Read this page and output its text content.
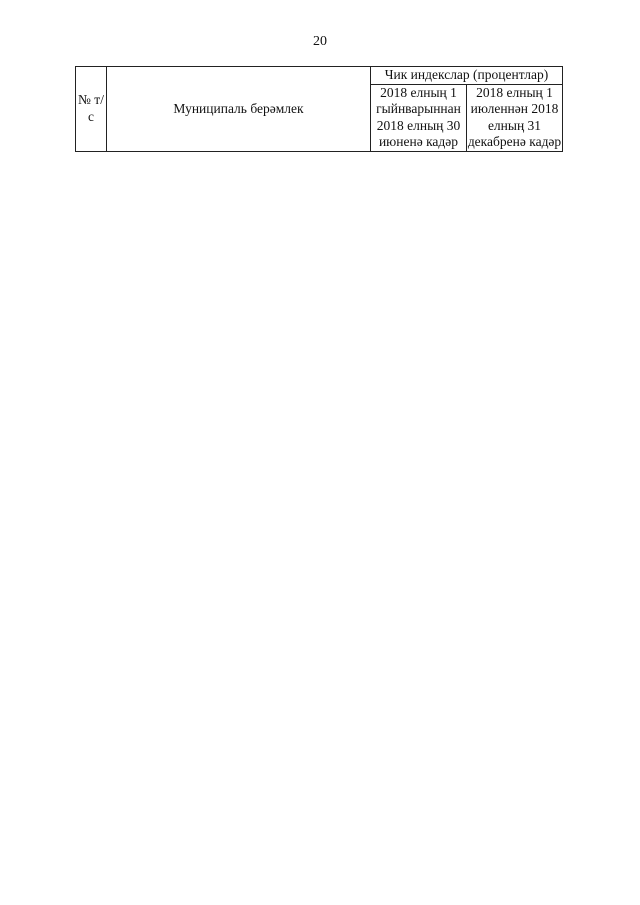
20
№ т/с	Муниципаль берәмлек	Чик индекслар (процентлар)	
		2018 елның 1 гыйнварыннан 2018 елның 30 июненә кадәр	2018 елның 1 июленнән 2018 елның 31 декабренә кадәр
